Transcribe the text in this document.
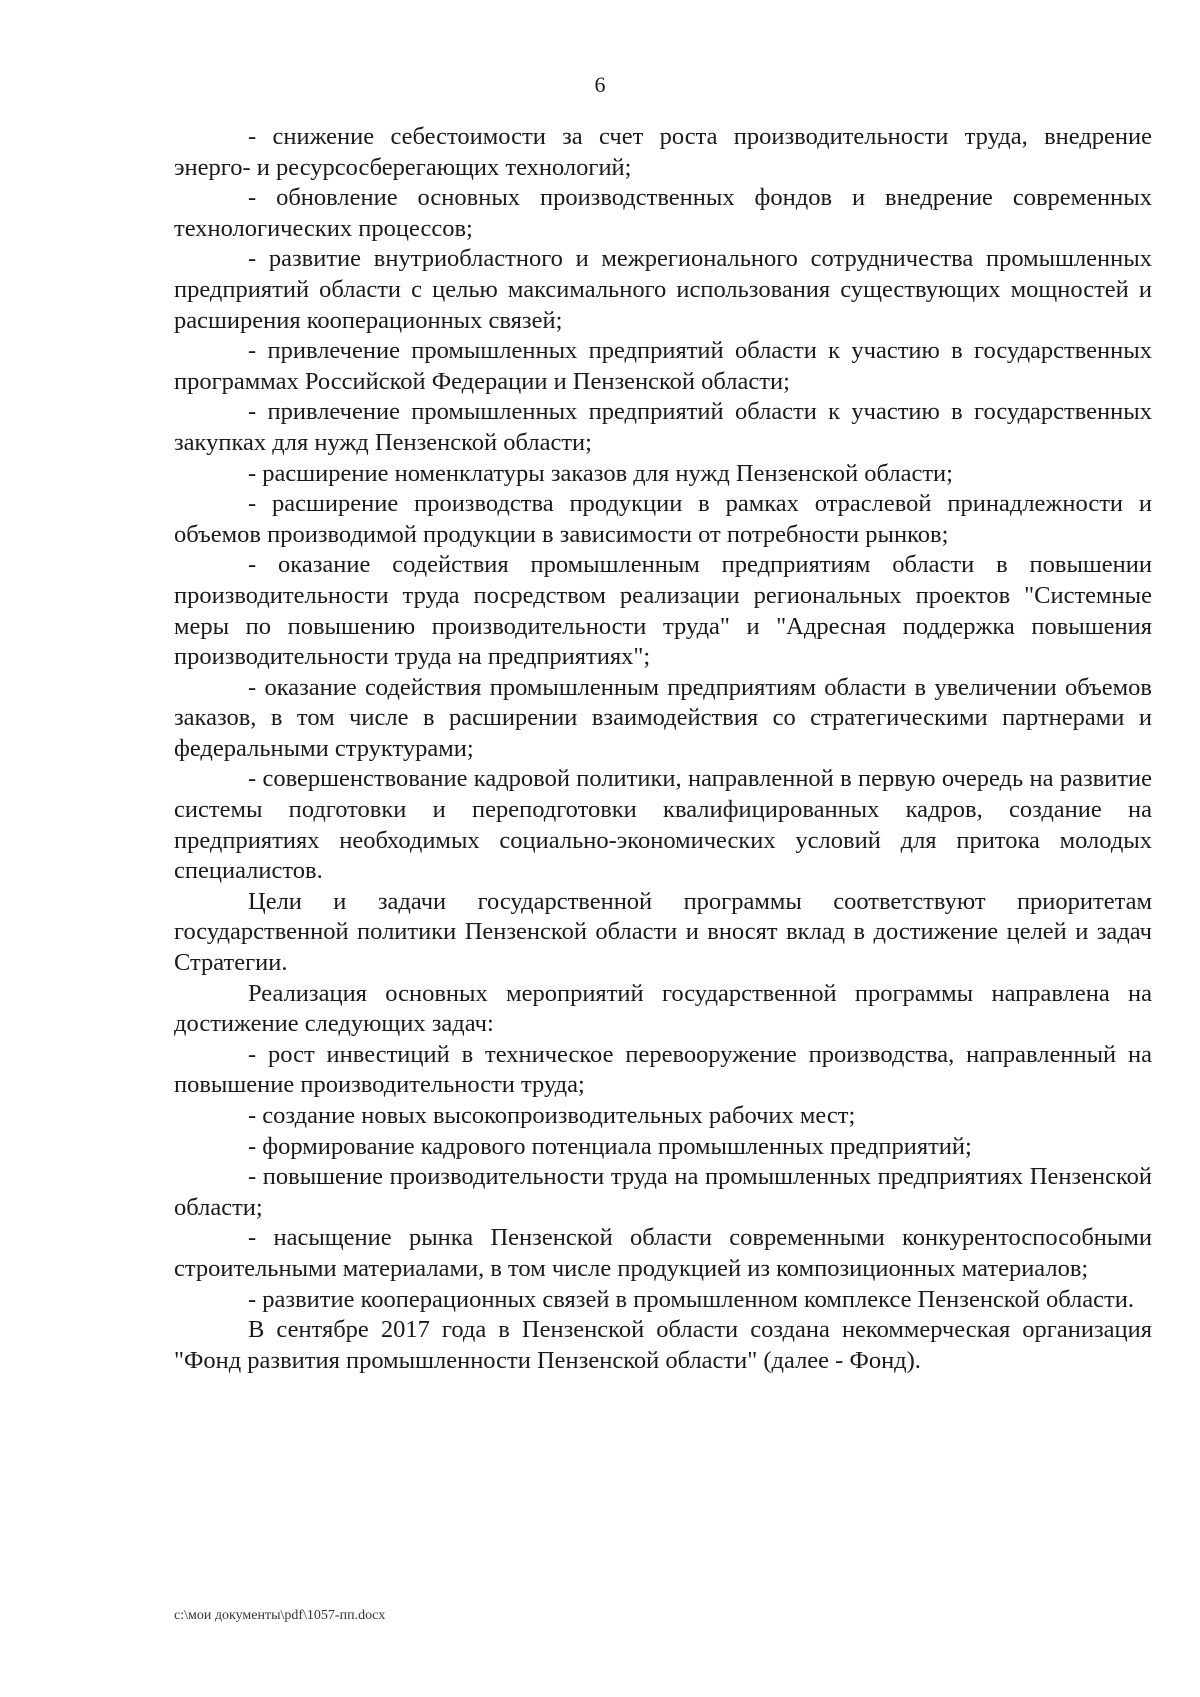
6

- снижение себестоимости за счет роста производительности труда, внедрение энерго- и ресурсосберегающих технологий;

- обновление основных производственных фондов и внедрение современных технологических процессов;

- развитие внутриобластного и межрегионального сотрудничества промышленных предприятий области с целью максимального использования существующих мощностей и расширения кооперационных связей;

- привлечение промышленных предприятий области к участию в государственных программах Российской Федерации и Пензенской области;

- привлечение промышленных предприятий области к участию в государственных закупках для нужд Пензенской области;

- расширение номенклатуры заказов для нужд Пензенской области;

- расширение производства продукции в рамках отраслевой принадлежности и объемов производимой продукции в зависимости от потребности рынков;

- оказание содействия промышленным предприятиям области в повышении производительности труда посредством реализации региональных проектов "Системные меры по повышению производительности труда" и "Адресная поддержка повышения производительности труда на предприятиях";

- оказание содействия промышленным предприятиям области в увеличении объемов заказов, в том числе в расширении взаимодействия со стратегическими партнерами и федеральными структурами;

- совершенствование кадровой политики, направленной в первую очередь на развитие системы подготовки и переподготовки квалифицированных кадров, создание на предприятиях необходимых социально-экономических условий для притока молодых специалистов.

Цели и задачи государственной программы соответствуют приоритетам государственной политики Пензенской области и вносят вклад в достижение целей и задач Стратегии.

Реализация основных мероприятий государственной программы направлена на достижение следующих задач:

- рост инвестиций в техническое перевооружение производства, направленный на повышение производительности труда;

- создание новых высокопроизводительных рабочих мест;

- формирование кадрового потенциала промышленных предприятий;

- повышение производительности труда на промышленных предприятиях Пензенской области;

- насыщение рынка Пензенской области современными конкурентоспособными строительными материалами, в том числе продукцией из композиционных материалов;

- развитие кооперационных связей в промышленном комплексе Пензенской области.

В сентябре 2017 года в Пензенской области создана некоммерческая организация "Фонд развития промышленности Пензенской области" (далее - Фонд).

c:\мои документы\pdf\1057-пп.docx
